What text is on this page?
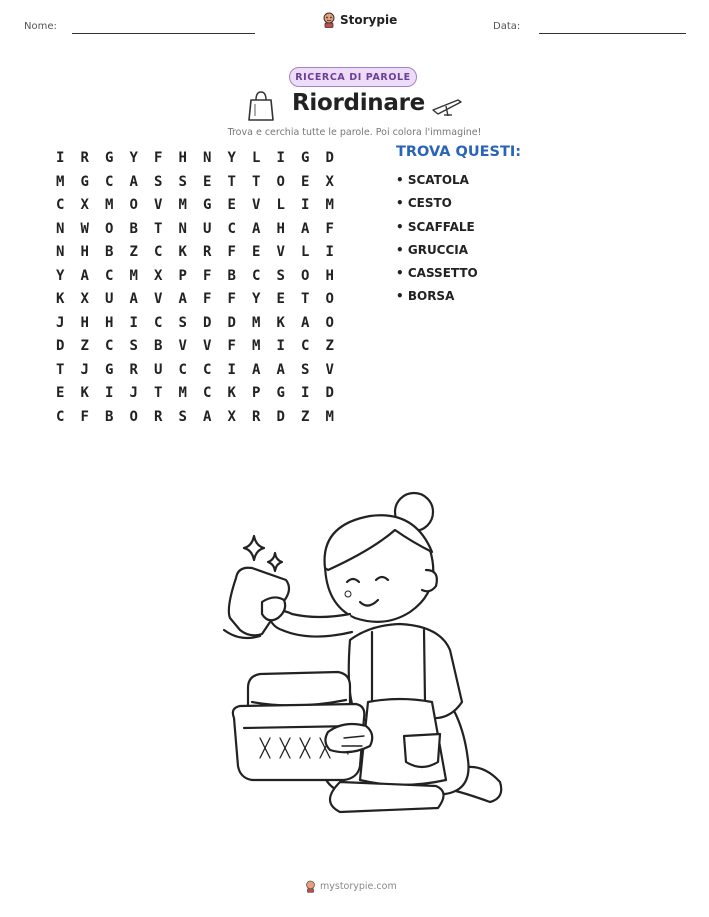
Nome:	Storypie	Data:
RICERCA DI PAROLE
Riordinare
Trova e cerchia tutte le parole. Poi colora l'immagine!
I	R	G	Y	F	H	N	Y	L	I	G	D
M	G	C	A	S	S	E	T	T	O	E	X
C	X	M	O	V	M	G	E	V	L	I	M
N	W	O	B	T	N	U	C	A	H	A	F
N	H	B	Z	C	K	R	F	E	V	L	I
Y	A	C	M	X	P	F	B	C	S	O	H
K	X	U	A	V	A	F	F	Y	E	T	O
J	H	H	I	C	S	D	D	M	K	A	O
D	Z	C	S	B	V	V	F	M	I	C	Z
T	J	G	R	U	C	C	I	A	A	S	V
E	K	I	J	T	M	C	K	P	G	I	D
C	F	B	O	R	S	A	X	R	D	Z	M
TROVA QUESTI:
• SCATOLA
• CESTO
• SCAFFALE
• GRUCCIA
• CASSETTO
• BORSA
mystorypie.com
